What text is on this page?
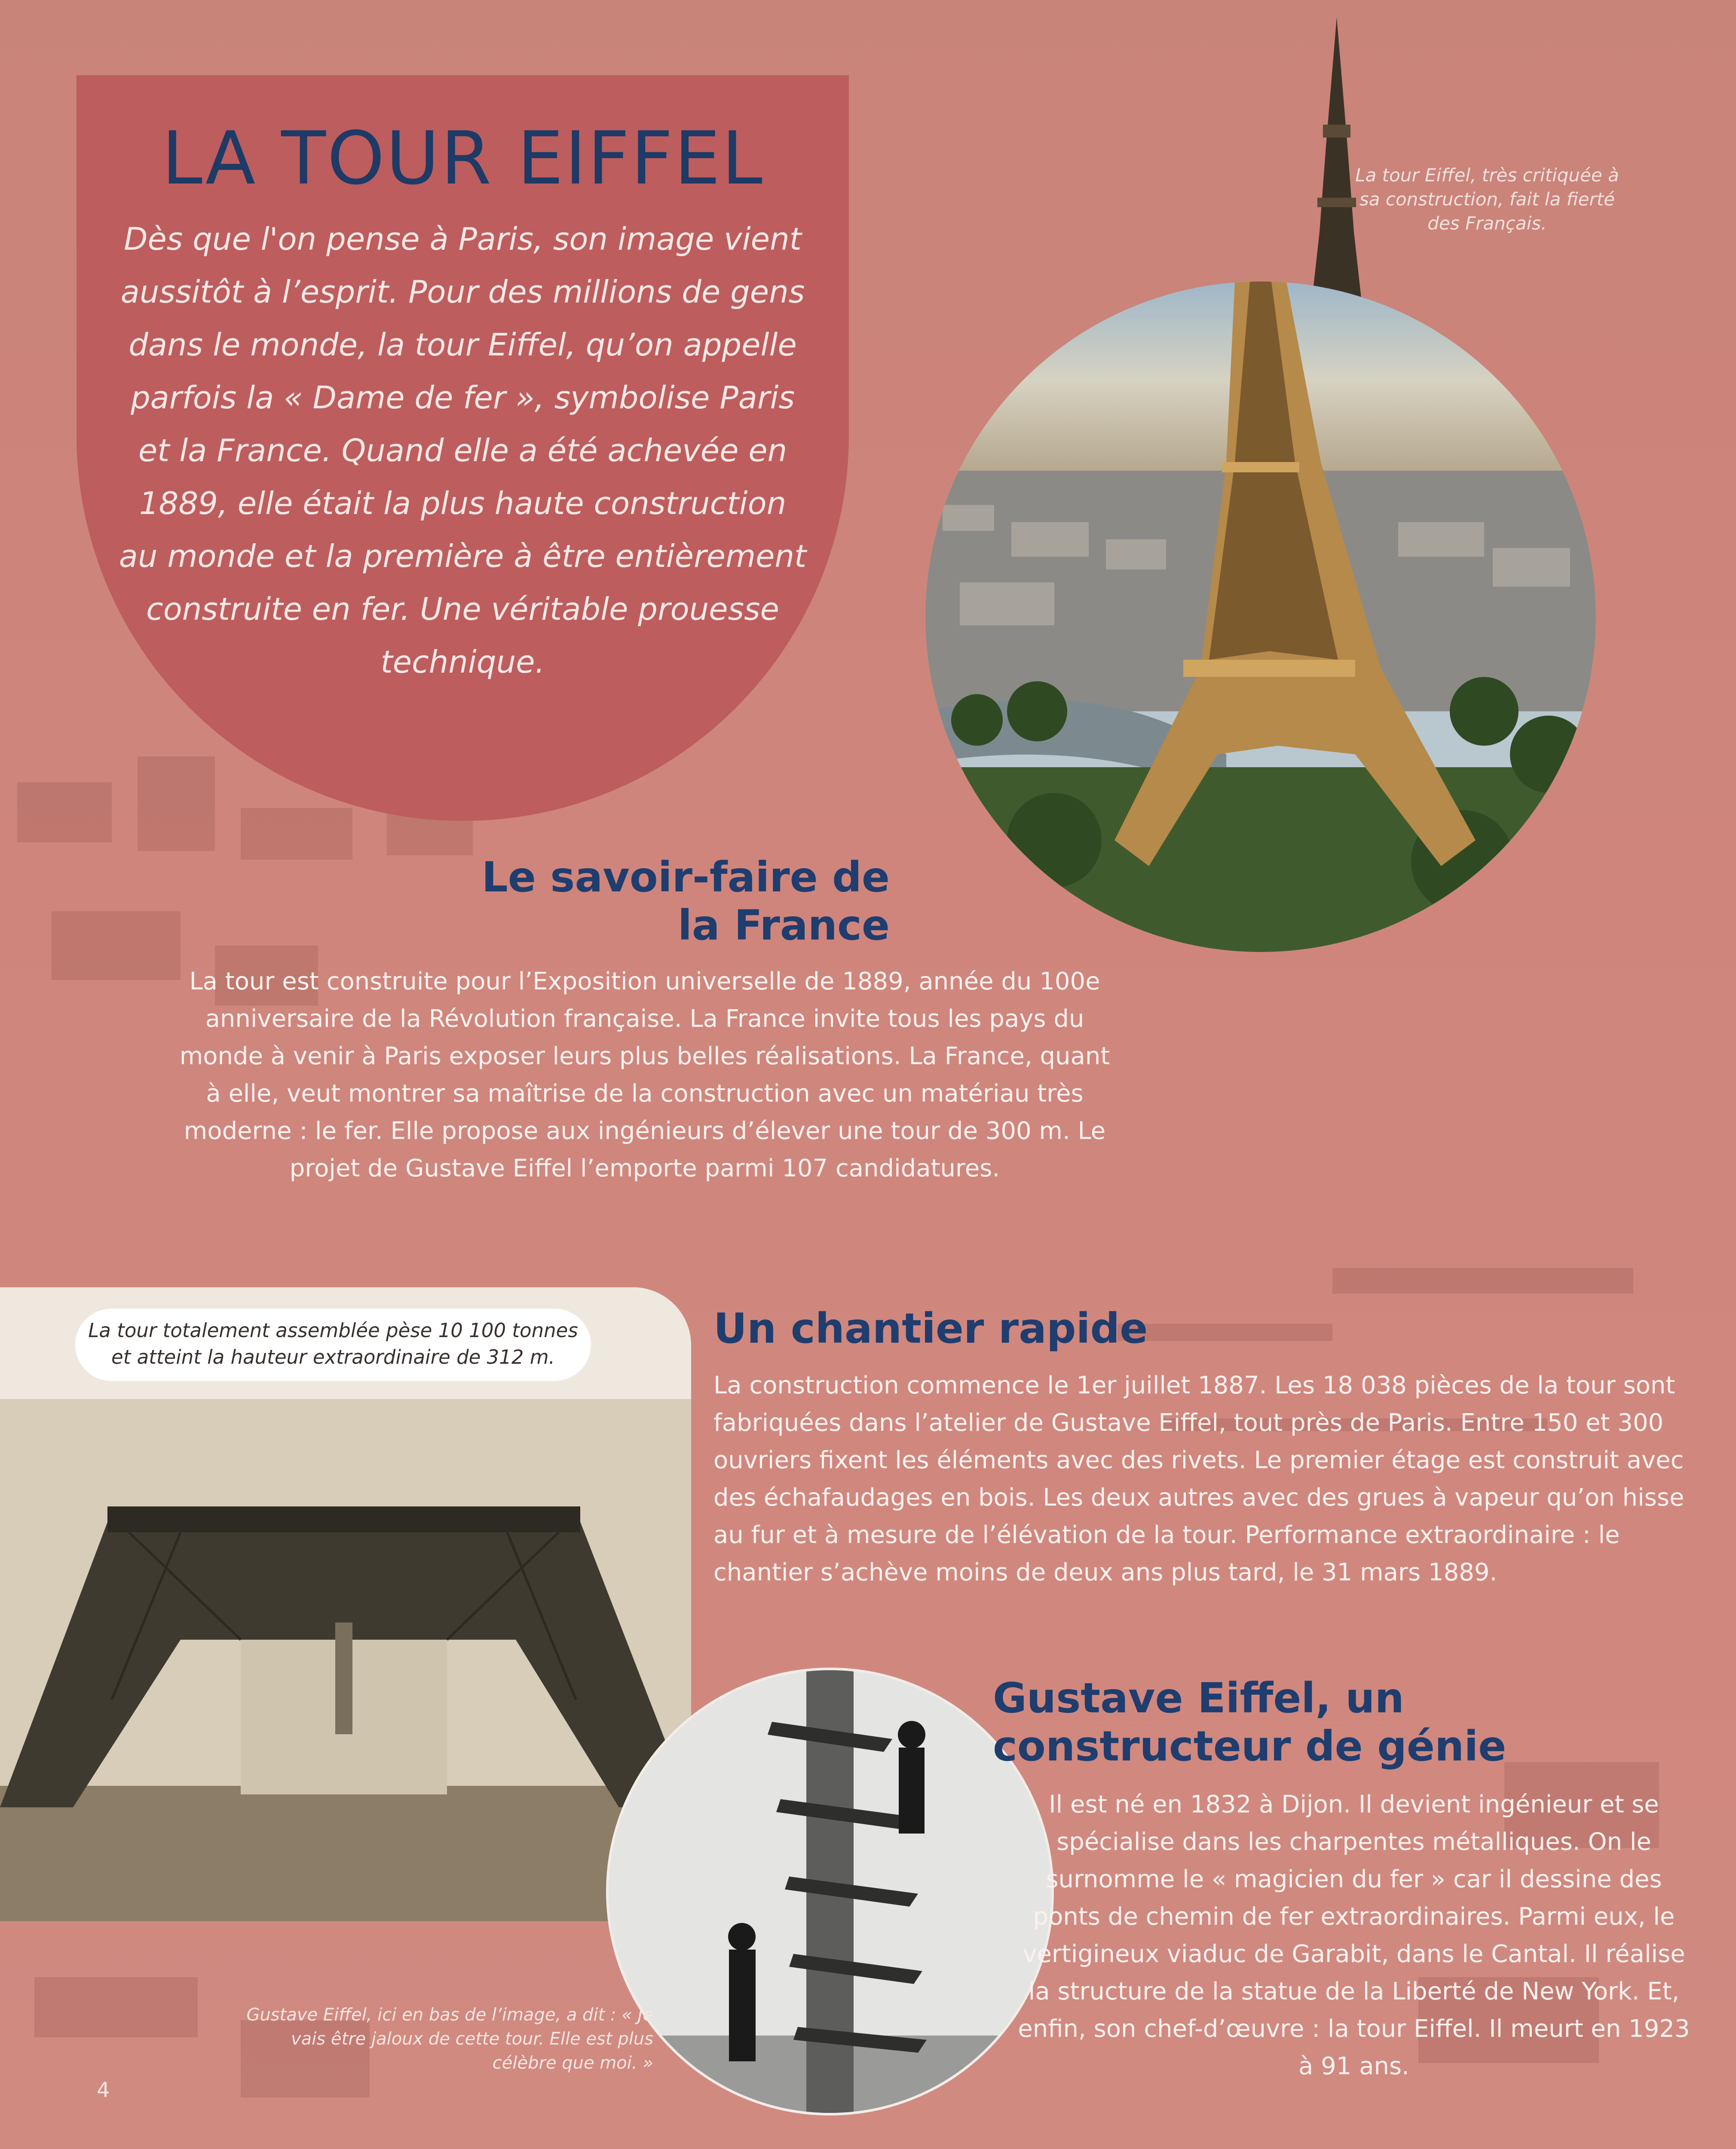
LA TOUR EIFFEL
Dès que l'on pense à Paris, son image vient aussitôt à l’esprit. Pour des millions de gens dans le monde, la tour Eiffel, qu’on appelle parfois la « Dame de fer », symbolise Paris et la France. Quand elle a été achevée en 1889, elle était la plus haute construction au monde et la première à être entièrement construite en fer. Une véritable prouesse technique.
La tour Eiffel, très critiquée à sa construction, fait la fierté des Français.
Le savoir-faire de la France
La tour est construite pour l’Exposition universelle de 1889, année du 100e anniversaire de la Révolution française. La France invite tous les pays du monde à venir à Paris exposer leurs plus belles réalisations. La France, quant à elle, veut montrer sa maîtrise de la construction avec un matériau très moderne : le fer. Elle propose aux ingénieurs d’élever une tour de 300 m. Le projet de Gustave Eiffel l’emporte parmi 107 candidatures.
La tour totalement assemblée pèse 10 100 tonnes
et atteint la hauteur extraordinaire de 312 m.
Un chantier rapide
La construction commence le 1er juillet 1887. Les 18 038 pièces de la tour sont fabriquées dans l’atelier de Gustave Eiffel, tout près de Paris. Entre 150 et 300 ouvriers fixent les éléments avec des rivets. Le premier étage est construit avec des échafaudages en bois. Les deux autres avec des grues à vapeur qu’on hisse au fur et à mesure de l’élévation de la tour. Performance extraordinaire : le chantier s’achève moins de deux ans plus tard, le 31 mars 1889.
Gustave Eiffel, un constructeur de génie
Il est né en 1832 à Dijon. Il devient ingénieur et se spécialise dans les charpentes métalliques. On le surnomme le « magicien du fer » car il dessine des ponts de chemin de fer extraordinaires. Parmi eux, le vertigineux viaduc de Garabit, dans le Cantal. Il réalise la structure de la statue de la Liberté de New York. Et, enfin, son chef-d’œuvre : la tour Eiffel. Il meurt en 1923 à 91 ans.
Gustave Eiffel, ici en bas de l’image, a dit : « Je vais être jaloux de cette tour. Elle est plus célèbre que moi. »
4
